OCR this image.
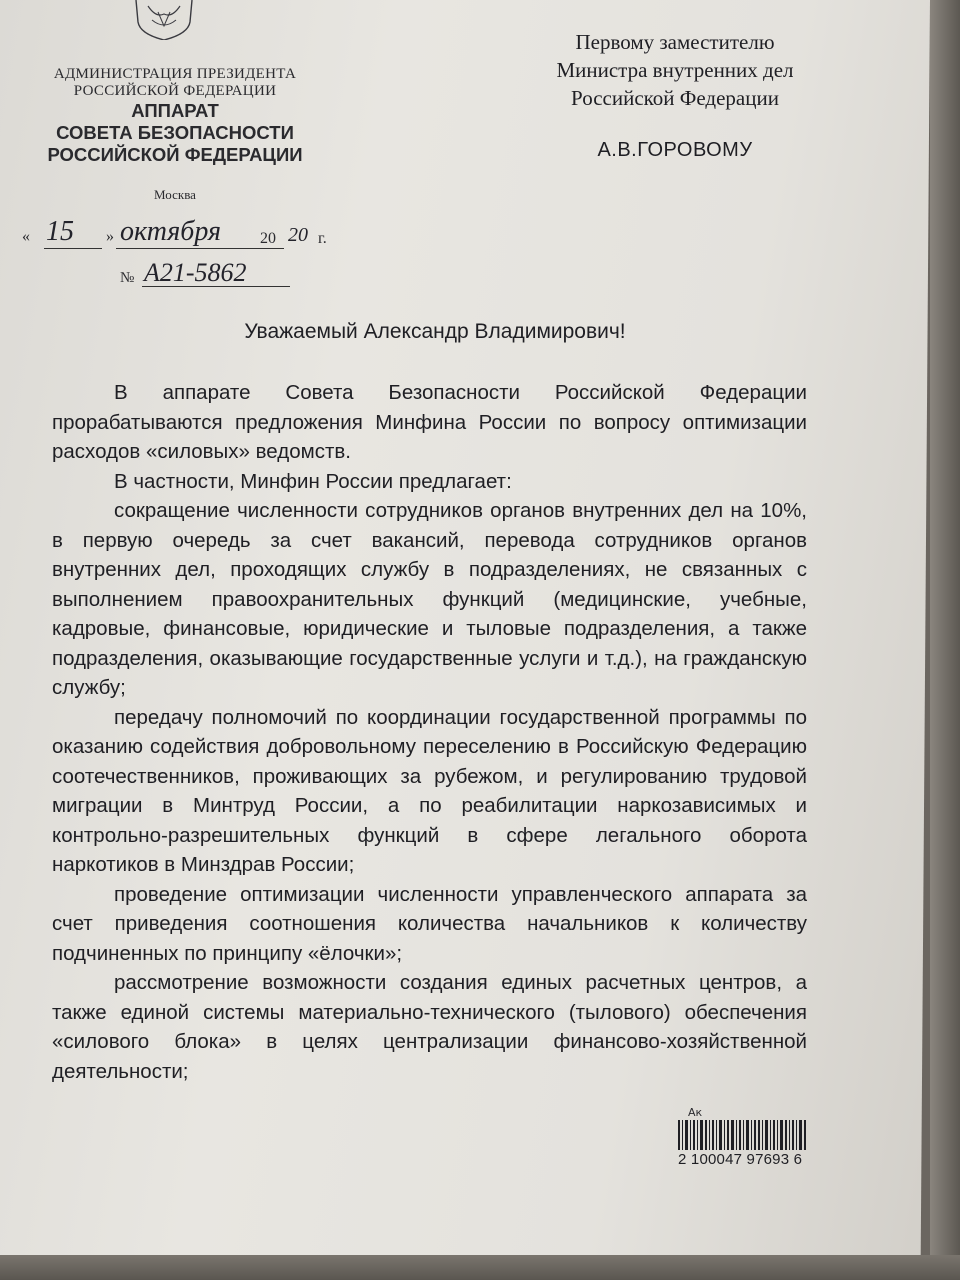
АДМИНИСТРАЦИЯ ПРЕЗИДЕНТА
РОССИЙСКОЙ ФЕДЕРАЦИИ
АППАРАТ
СОВЕТА БЕЗОПАСНОСТИ
РОССИЙСКОЙ ФЕДЕРАЦИИ
Москва
« 15 » октября 20 20 г.
№ А21-5862
Первому заместителю
Министра внутренних дел
Российской Федерации
А.В.ГОРОВОМУ
Уважаемый Александр Владимирович!

В аппарате Совета Безопасности Российской Федерации прорабатываются предложения Минфина России по вопросу оптимизации расходов «силовых» ведомств.

В частности, Минфин России предлагает:

сокращение численности сотрудников органов внутренних дел на 10%, в первую очередь за счет вакансий, перевода сотрудников органов внутренних дел, проходящих службу в подразделениях, не связанных с выполнением правоохранительных функций (медицинские, учебные, кадровые, финансовые, юридические и тыловые подразделения, а также подразделения, оказывающие государственные услуги и т.д.), на гражданскую службу;

передачу полномочий по координации государственной программы по оказанию содействия добровольному переселению в Российскую Федерацию соотечественников, проживающих за рубежом, и регулированию трудовой миграции в Минтруд России, а по реабилитации наркозависимых и контрольно-разрешительных функций в сфере легального оборота наркотиков в Минздрав России;

проведение оптимизации численности управленческого аппарата за счет приведения соотношения количества начальников к количеству подчиненных по принципу «ёлочки»;

рассмотрение возможности создания единых расчетных центров, а также единой системы материально-технического (тылового) обеспечения «силового блока» в целях централизации финансово-хозяйственной деятельности;

Ак
2 100047 97693 6
